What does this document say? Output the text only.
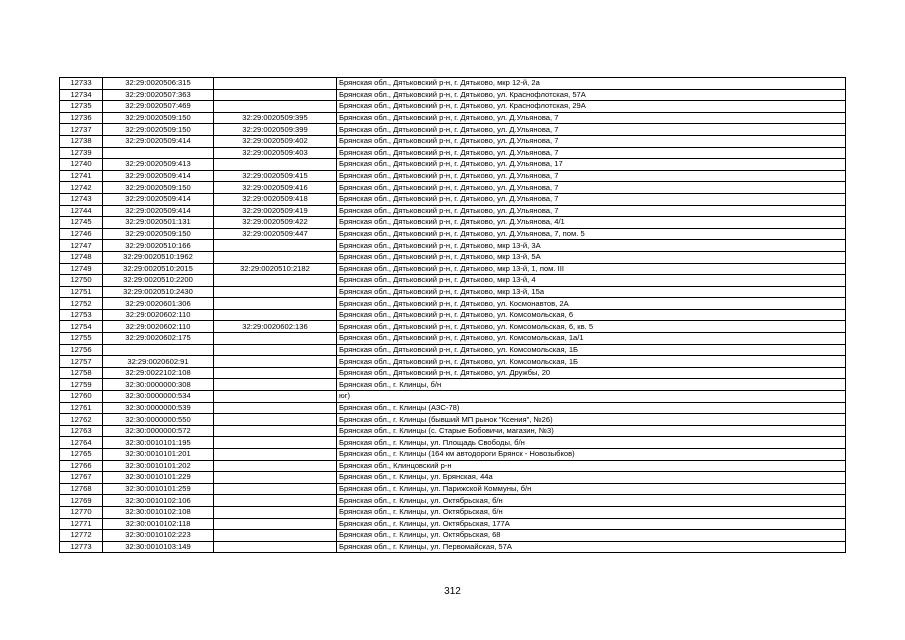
12733	32:29:0020506:315		Брянская обл., Дятьковский р-н, г. Дятьково, мкр 12-й, 2а
12734	32:29:0020507:363		Брянская обл., Дятьковский р-н, г. Дятьково, ул. Краснофлотская, 57А
12735	32:29:0020507:469		Брянская обл., Дятьковский р-н, г. Дятьково, ул. Краснофлотская, 29А
12736	32:29:0020509:150	32:29:0020509:395	Брянская обл., Дятьковский р-н, г. Дятьково, ул. Д.Ульянова, 7
12737	32:29:0020509:150	32:29:0020509:399	Брянская обл., Дятьковский р-н, г. Дятьково, ул. Д.Ульянова, 7
12738	32:29:0020509:414	32:29:0020509:402	Брянская обл., Дятьковский р-н, г. Дятьково, ул. Д.Ульянова, 7
12739		32:29:0020509:403	Брянская обл., Дятьковский р-н, г. Дятьково, ул. Д.Ульянова, 7
12740	32:29:0020509:413		Брянская обл., Дятьковский р-н, г. Дятьково, ул. Д.Ульянова, 17
12741	32:29:0020509:414	32:29:0020509:415	Брянская обл., Дятьковский р-н, г. Дятьково, ул. Д.Ульянова, 7
12742	32:29:0020509:150	32:29:0020509:416	Брянская обл., Дятьковский р-н, г. Дятьково, ул. Д.Ульянова, 7
12743	32:29:0020509:414	32:29:0020509:418	Брянская обл., Дятьковский р-н, г. Дятьково, ул. Д.Ульянова, 7
12744	32:29:0020509:414	32:29:0020509:419	Брянская обл., Дятьковский р-н, г. Дятьково, ул. Д.Ульянова, 7
12745	32:29:0020501:131	32:29:0020509:422	Брянская обл., Дятьковский р-н, г. Дятьково, ул. Д.Ульянова, 4/1
12746	32:29:0020509:150	32:29:0020509:447	Брянская обл., Дятьковский р-н, г. Дятьково, ул. Д.Ульянова, 7, пом. 5
12747	32:29:0020510:166		Брянская обл., Дятьковский р-н, г. Дятьково, мкр 13-й, 3А
12748	32:29:0020510:1962		Брянская обл., Дятьковский р-н, г. Дятьково, мкр 13-й, 5А
12749	32:29:0020510:2015	32:29:0020510:2182	Брянская обл., Дятьковский р-н, г. Дятьково, мкр 13-й, 1, пом. III
12750	32:29:0020510:2200		Брянская обл., Дятьковский р-н, г. Дятьково, мкр 13-й, 4
12751	32:29:0020510:2430		Брянская обл., Дятьковский р-н, г. Дятьково, мкр 13-й, 15а
12752	32:29:0020601:306		Брянская обл., Дятьковский р-н, г. Дятьково, ул. Космонавтов, 2А
12753	32:29:0020602:110		Брянская обл., Дятьковский р-н, г. Дятьково, ул. Комсомольская, 6
12754	32:29:0020602:110	32:29:0020602:136	Брянская обл., Дятьковский р-н, г. Дятьково, ул. Комсомольская, 6, кв. 5
12755	32:29:0020602:175		Брянская обл., Дятьковский р-н, г. Дятьково, ул. Комсомольская, 1а/1
12756			Брянская обл., Дятьковский р-н, г. Дятьково, ул. Комсомольская, 1Б
12757	32:29:0020602:91		Брянская обл., Дятьковский р-н, г. Дятьково, ул. Комсомольская, 1Б
12758	32:29:0022102:108		Брянская обл., Дятьковский р-н, г. Дятьково, ул. Дружбы, 20
12759	32:30:0000000:308		Брянская обл., г. Клинцы, б/н
12760	32:30:0000000:534		юг)
12761	32:30:0000000:539		Брянская обл., г. Клинцы (АЗС-78)
12762	32:30:0000000:550		Брянская обл., г. Клинцы (бывший МП рынок "Ксения", №26)
12763	32:30:0000000:572		Брянская обл., г. Клинцы (с. Старые Бобовичи, магазин, №3)
12764	32:30:0010101:195		Брянская обл., г. Клинцы, ул. Площадь Свободы, б/н
12765	32:30:0010101:201		Брянская обл., г. Клинцы (164 км автодороги Брянск - Новозыбков)
12766	32:30:0010101:202		Брянская обл., Клинцовский р-н
12767	32:30:0010101:229		Брянская обл., г. Клинцы, ул. Брянская, 44а
12768	32:30:0010101:259		Брянская обл., г. Клинцы, ул. Парижской Коммуны, б/н
12769	32:30:0010102:106		Брянская обл., г. Клинцы, ул. Октябрьская, б/н
12770	32:30:0010102:108		Брянская обл., г. Клинцы, ул. Октябрьская, б/н
12771	32:30:0010102:118		Брянская обл., г. Клинцы, ул. Октябрьская, 177А
12772	32:30:0010102:223		Брянская обл., г. Клинцы, ул. Октябрьская, 68
12773	32:30:0010103:149		Брянская обл., г. Клинцы, ул. Первомайская, 57А
312
